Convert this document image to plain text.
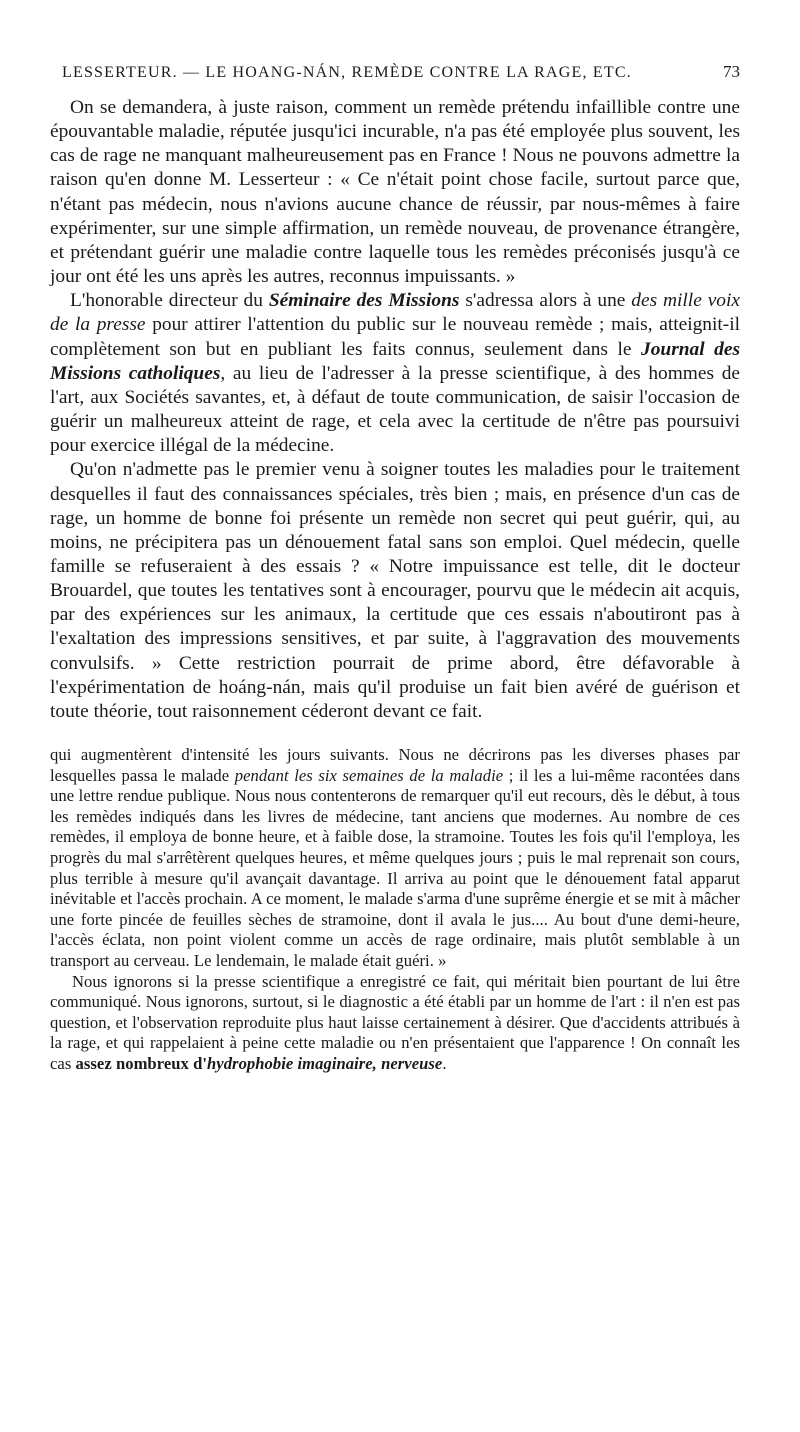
LESSERTEUR. — LE HOANG-NÁN, REMÈDE CONTRE LA RAGE, ETC.	73

On se demandera, à juste raison, comment un remède prétendu infaillible contre une épouvantable maladie, réputée jusqu'ici incurable, n'a pas été employée plus souvent, les cas de rage ne manquant malheureusement pas en France ! Nous ne pouvons admettre la raison qu'en donne M. Lesserteur : « Ce n'était point chose facile, surtout parce que, n'étant pas médecin, nous n'avions aucune chance de réussir, par nous-mêmes à faire expérimenter, sur une simple affirmation, un remède nouveau, de provenance étrangère, et prétendant guérir une maladie contre laquelle tous les remèdes préconisés jusqu'à ce jour ont été les uns après les autres, reconnus impuissants. »

L'honorable directeur du Séminaire des Missions s'adressa alors à une des mille voix de la presse pour attirer l'attention du public sur le nouveau remède ; mais, atteignit-il complètement son but en publiant les faits connus, seulement dans le Journal des Missions catholiques, au lieu de l'adresser à la presse scientifique, à des hommes de l'art, aux Sociétés savantes, et, à défaut de toute communication, de saisir l'occasion de guérir un malheureux atteint de rage, et cela avec la certitude de n'être pas poursuivi pour exercice illégal de la médecine.

Qu'on n'admette pas le premier venu à soigner toutes les maladies pour le traitement desquelles il faut des connaissances spéciales, très bien ; mais, en présence d'un cas de rage, un homme de bonne foi présente un remède non secret qui peut guérir, qui, au moins, ne précipitera pas un dénouement fatal sans son emploi. Quel médecin, quelle famille se refuseraient à des essais ? « Notre impuissance est telle, dit le docteur Brouardel, que toutes les tentatives sont à encourager, pourvu que le médecin ait acquis, par des expériences sur les animaux, la certitude que ces essais n'aboutiront pas à l'exaltation des impressions sensitives, et par suite, à l'aggravation des mouvements convulsifs. » Cette restriction pourrait de prime abord, être défavorable à l'expérimentation de hoáng-nán, mais qu'il produise un fait bien avéré de guérison et toute théorie, tout raisonnement céderont devant ce fait.

qui augmentèrent d'intensité les jours suivants. Nous ne décrirons pas les diverses phases par lesquelles passa le malade pendant les six semaines de la maladie ; il les a lui-même racontées dans une lettre rendue publique. Nous nous contenterons de remarquer qu'il eut recours, dès le début, à tous les remèdes indiqués dans les livres de médecine, tant anciens que modernes. Au nombre de ces remèdes, il employa de bonne heure, et à faible dose, la stramoine. Toutes les fois qu'il l'employa, les progrès du mal s'arrêtèrent quelques heures, et même quelques jours ; puis le mal reprenait son cours, plus terrible à mesure qu'il avançait davantage. Il arriva au point que le dénouement fatal apparut inévitable et l'accès prochain. A ce moment, le malade s'arma d'une suprême énergie et se mit à mâcher une forte pincée de feuilles sèches de stramoine, dont il avala le jus.... Au bout d'une demi-heure, l'accès éclata, non point violent comme un accès de rage ordinaire, mais plutôt semblable à un transport au cerveau. Le lendemain, le malade était guéri. »

Nous ignorons si la presse scientifique a enregistré ce fait, qui méritait bien pourtant de lui être communiqué. Nous ignorons, surtout, si le diagnostic a été établi par un homme de l'art : il n'en est pas question, et l'observation reproduite plus haut laisse certainement à désirer. Que d'accidents attribués à la rage, et qui rappelaient à peine cette maladie ou n'en présentaient que l'apparence ! On connaît les cas assez nombreux d'hydrophobie imaginaire, nerveuse.
